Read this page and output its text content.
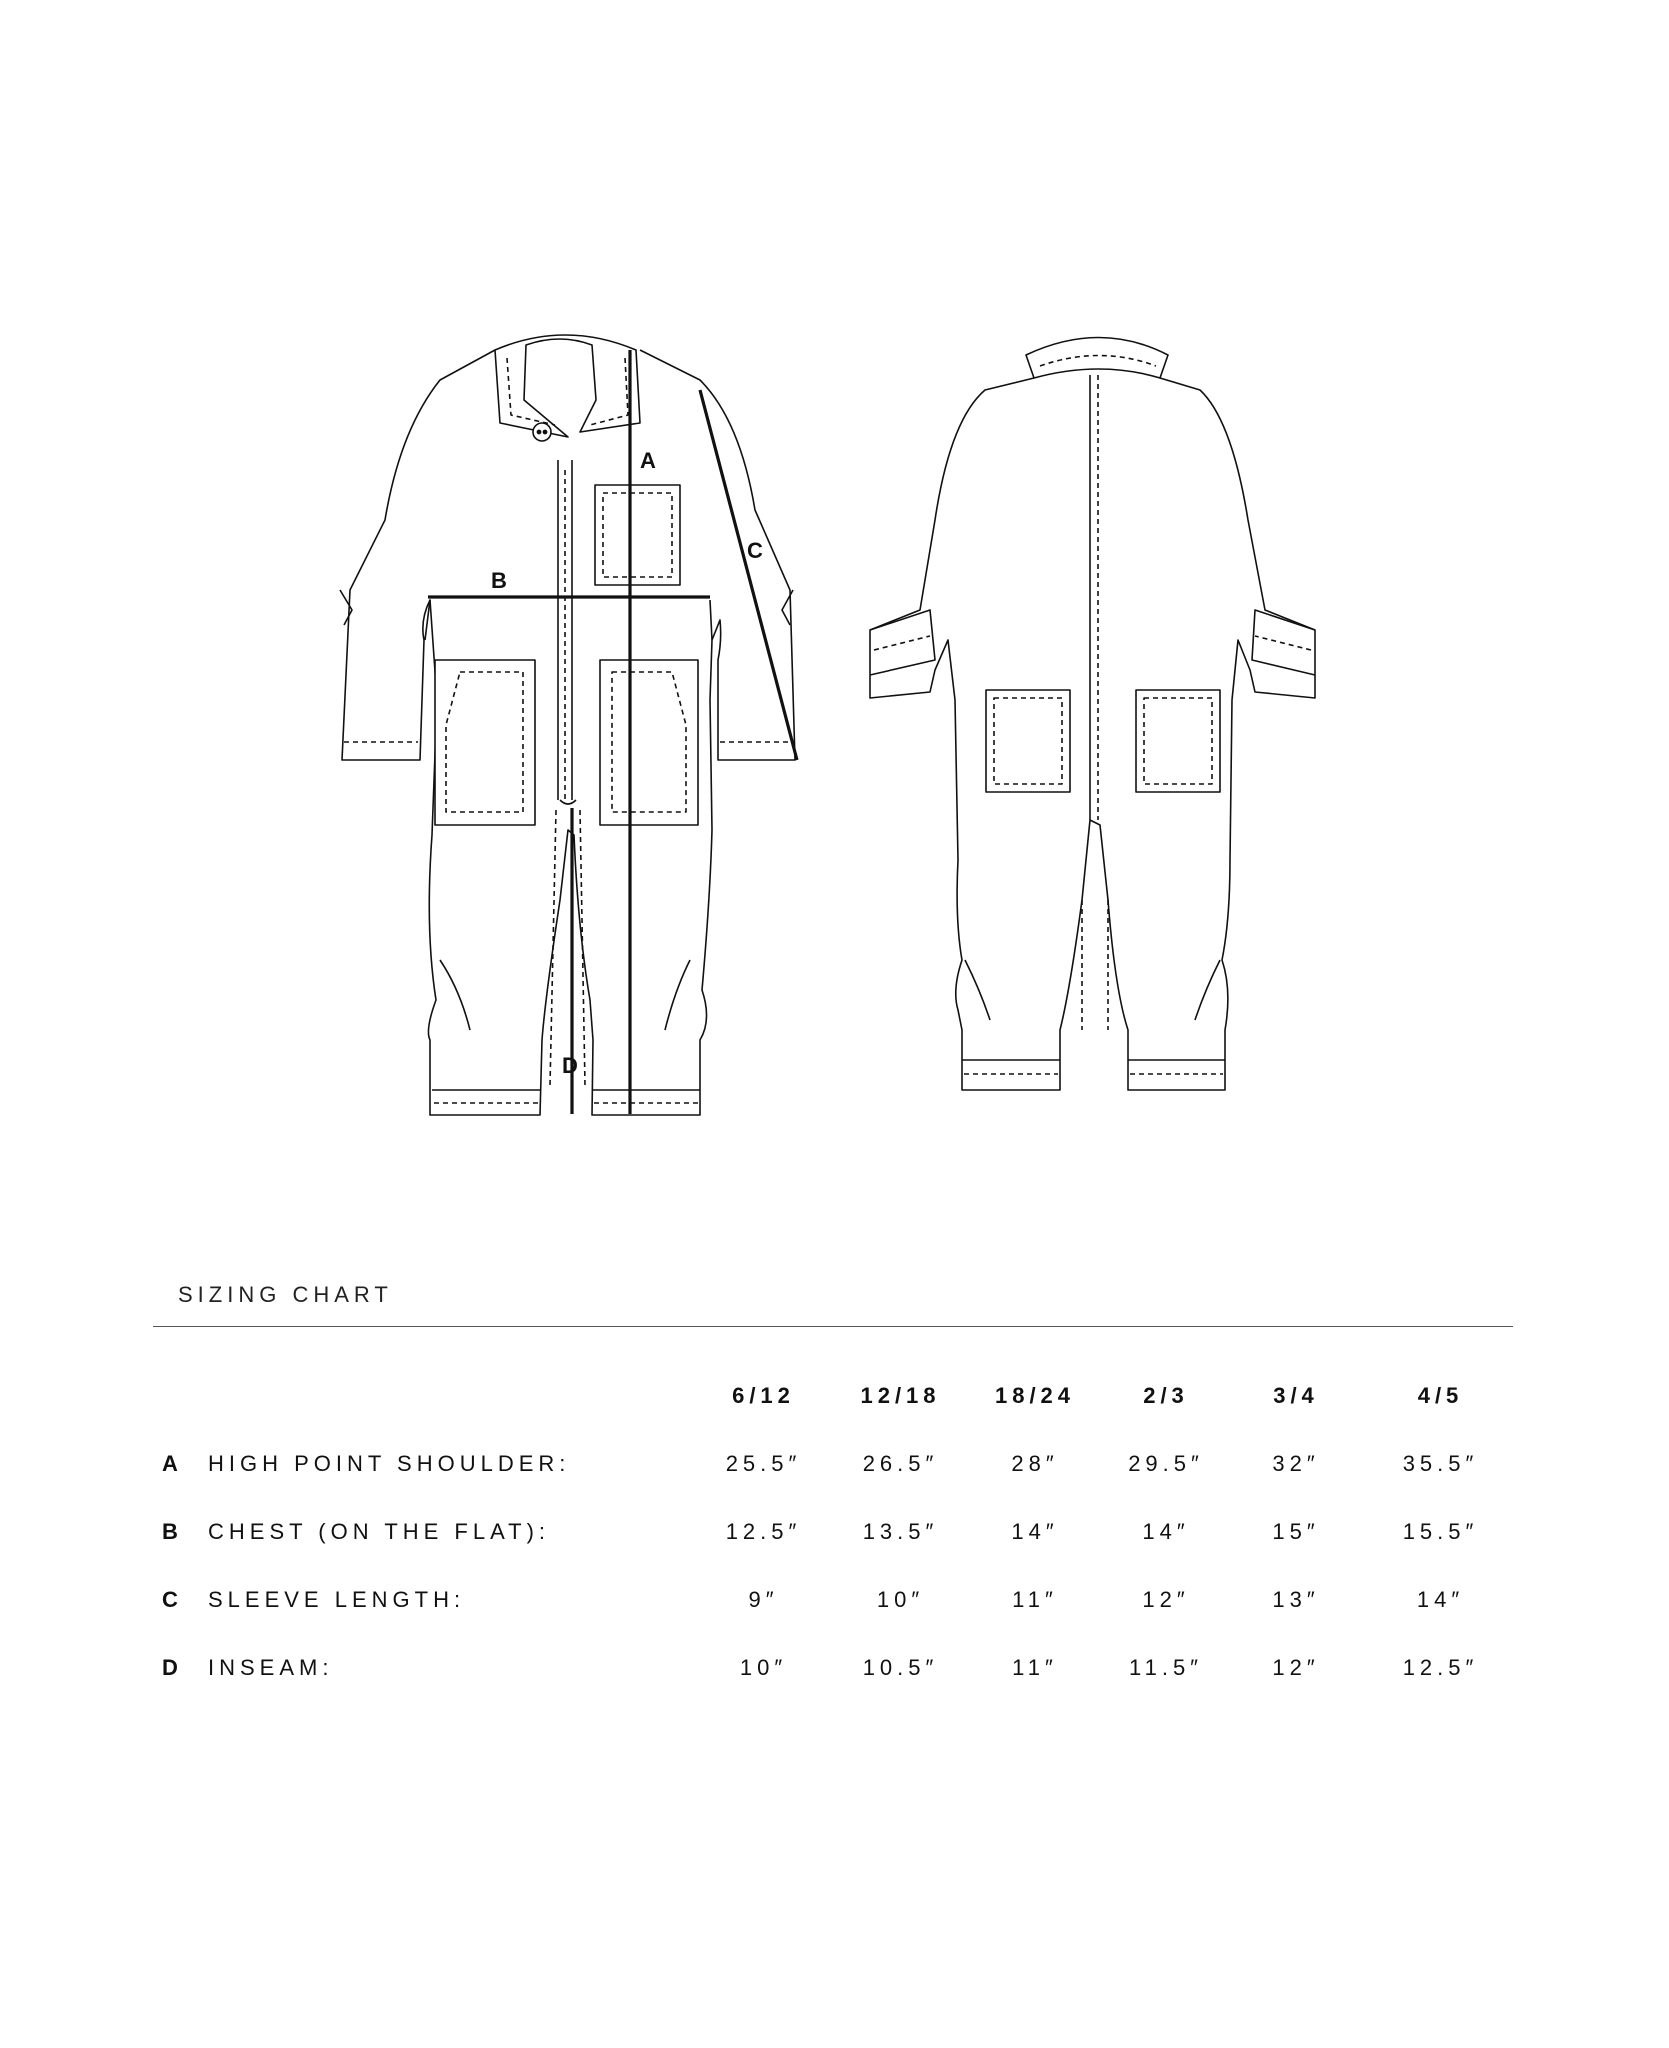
A
B
C
D
SIZING CHART
		6/12	12/18	18/24	2/3	3/4	4/5
A	HIGH POINT SHOULDER:	25.5″	26.5″	28″	29.5″	32″	35.5″
B	CHEST (ON THE FLAT):	12.5″	13.5″	14″	14″	15″	15.5″
C	SLEEVE LENGTH:	9″	10″	11″	12″	13″	14″
D	INSEAM:	10″	10.5″	11″	11.5″	12″	12.5″
